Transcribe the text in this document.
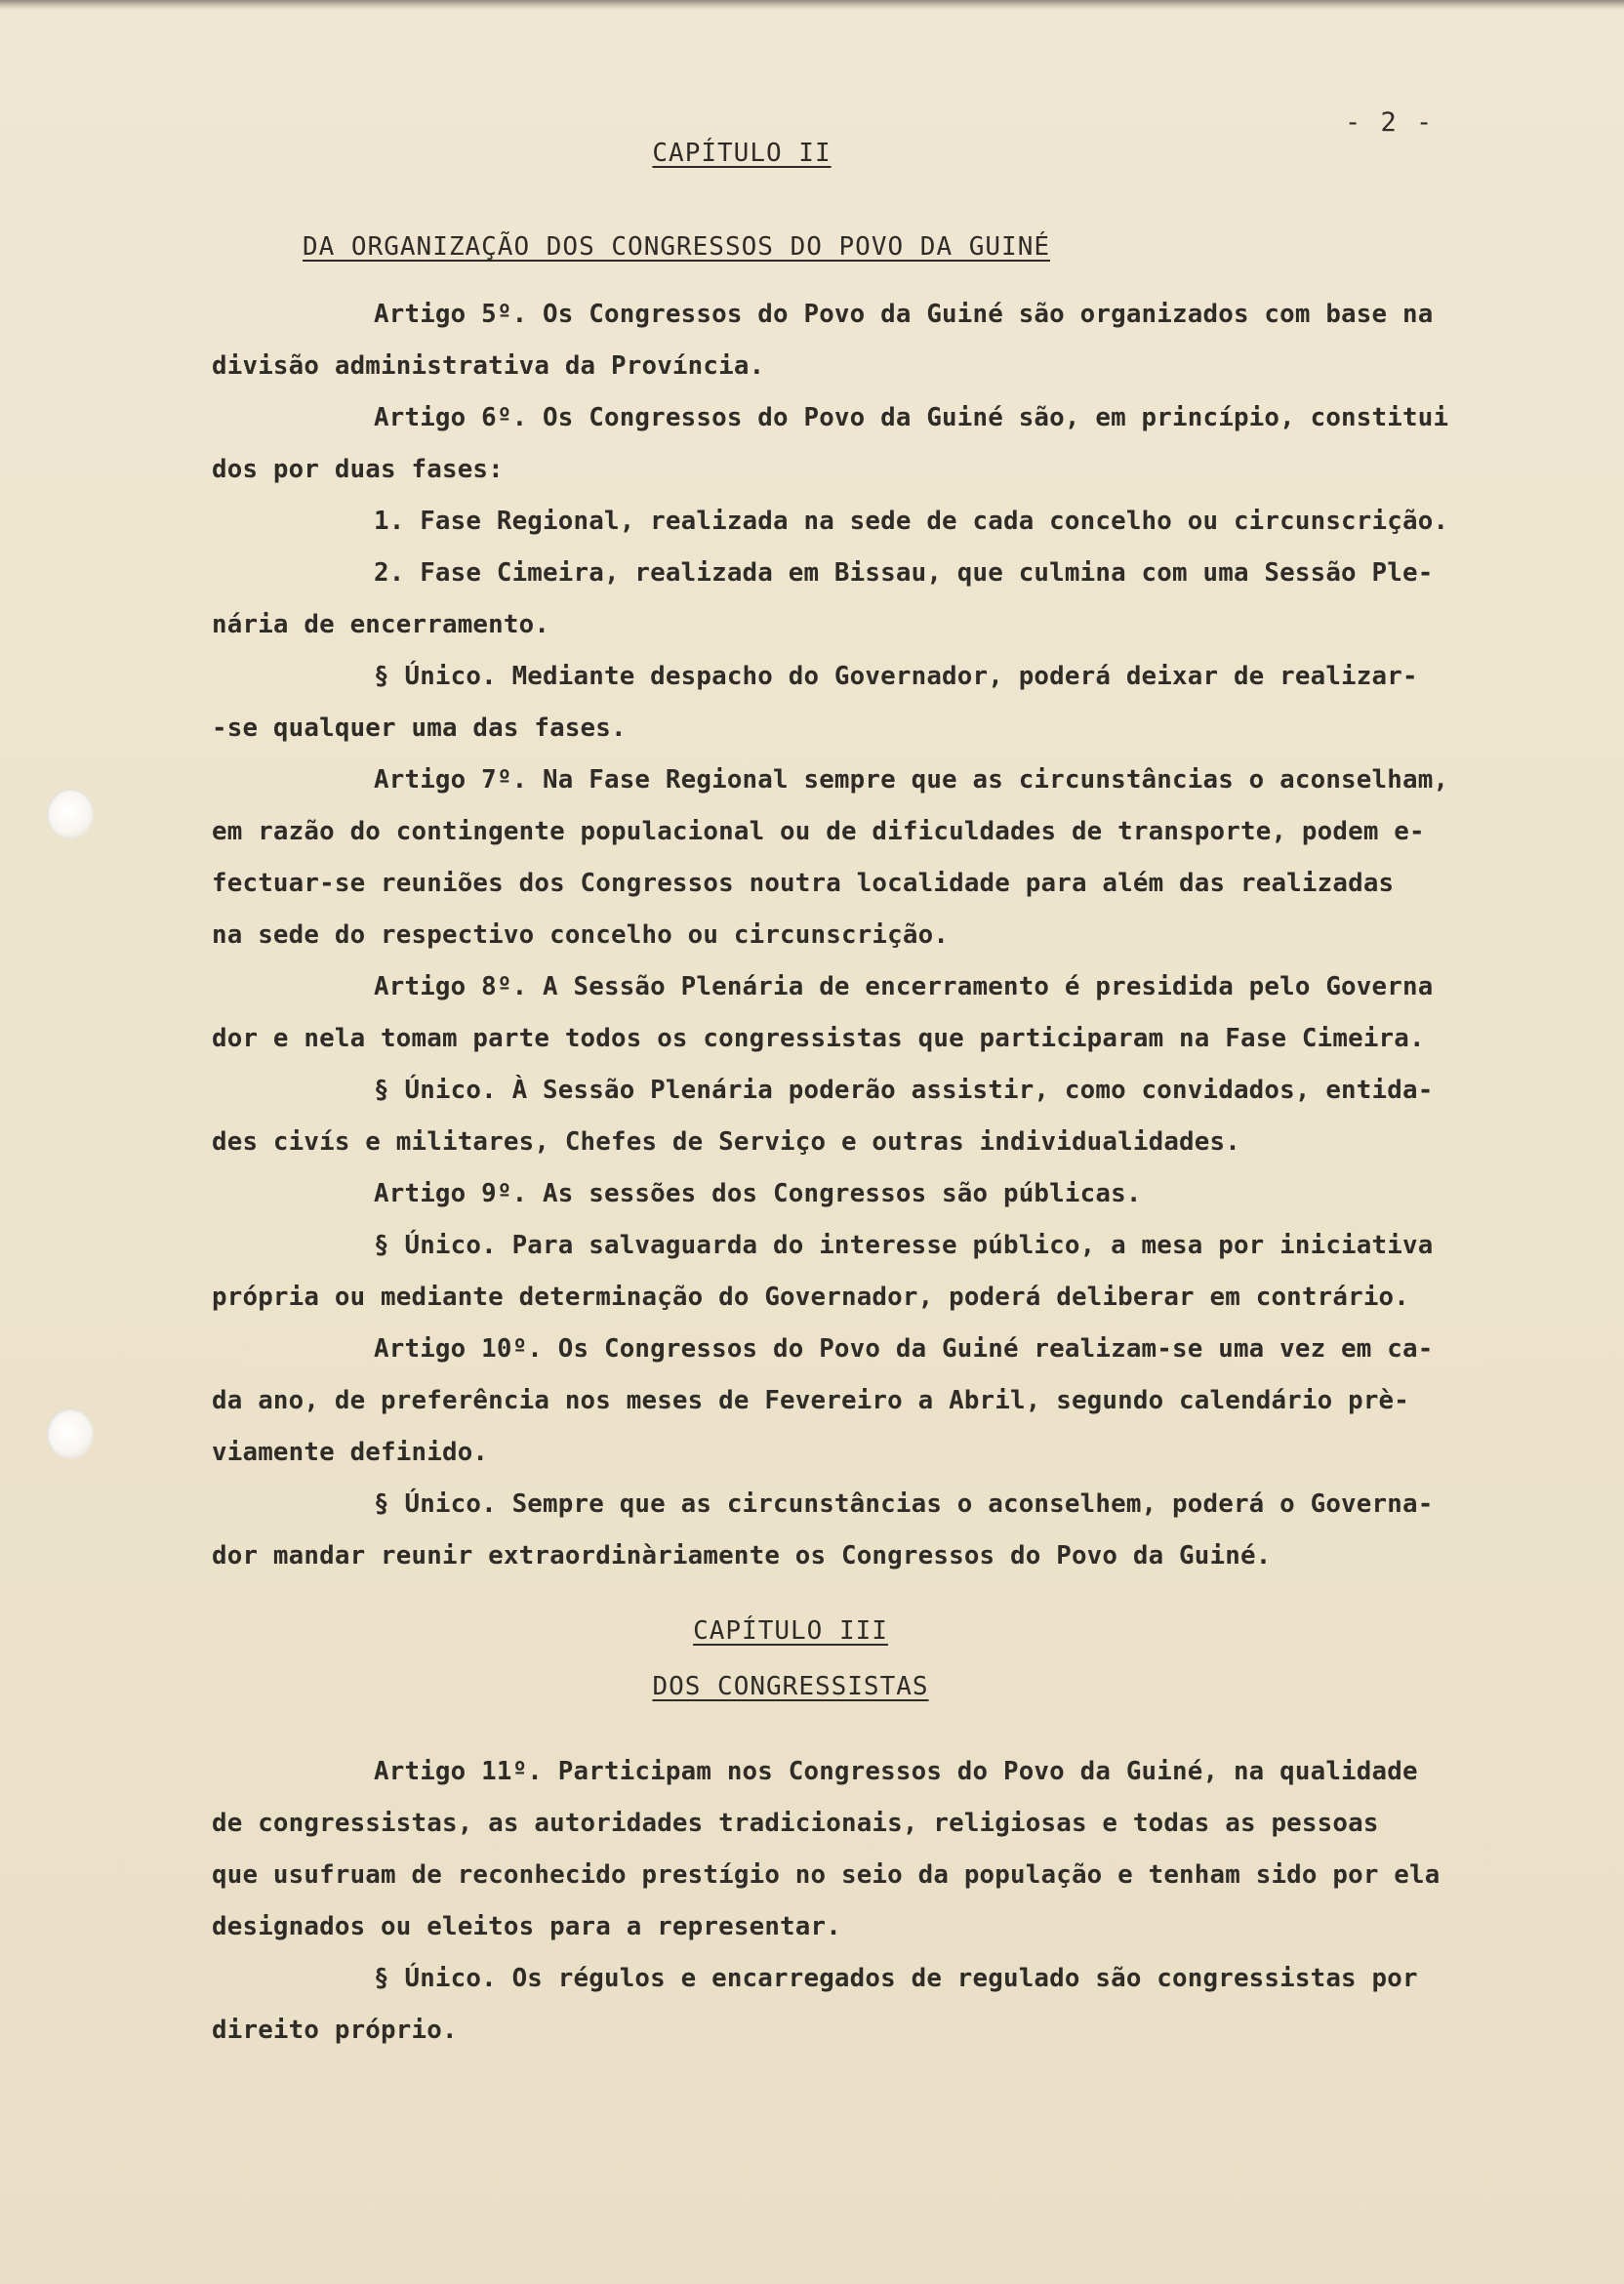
- 2 -

CAPÍTULO II
DA ORGANIZAÇÃO DOS CONGRESSOS DO POVO DA GUINÉ

Artigo 5º. Os Congressos do Povo da Guiné são organizados com base na

divisão administrativa da Província.

Artigo 6º. Os Congressos do Povo da Guiné são, em princípio, constitui

dos por duas fases:

1. Fase Regional, realizada na sede de cada concelho ou circunscrição.

2. Fase Cimeira, realizada em Bissau, que culmina com uma Sessão Ple-

nária de encerramento.

§ Único. Mediante despacho do Governador, poderá deixar de realizar-

-se qualquer uma das fases.

Artigo 7º. Na Fase Regional sempre que as circunstâncias o aconselham,

em razão do contingente populacional ou de dificuldades de transporte, podem e-

fectuar-se reuniões dos Congressos noutra localidade para além das realizadas

na sede do respectivo concelho ou circunscrição.

Artigo 8º. A Sessão Plenária de encerramento é presidida pelo Governa

dor e nela tomam parte todos os congressistas que participaram na Fase Cimeira.

§ Único. À Sessão Plenária poderão assistir, como convidados, entida-

des civís e militares, Chefes de Serviço e outras individualidades.

Artigo 9º. As sessões dos Congressos são públicas.

§ Único. Para salvaguarda do interesse público, a mesa por iniciativa

própria ou mediante determinação do Governador, poderá deliberar em contrário.

Artigo 10º. Os Congressos do Povo da Guiné realizam-se uma vez em ca-

da ano, de preferência nos meses de Fevereiro a Abril, segundo calendário prè-

viamente definido.

§ Único. Sempre que as circunstâncias o aconselhem, poderá o Governa-

dor mandar reunir extraordinàriamente os Congressos do Povo da Guiné.

CAPÍTULO III
DOS CONGRESSISTAS

Artigo 11º. Participam nos Congressos do Povo da Guiné, na qualidade

de congressistas, as autoridades tradicionais, religiosas e todas as pessoas

que usufruam de reconhecido prestígio no seio da população e tenham sido por ela

designados ou eleitos para a representar.

§ Único. Os régulos e encarregados de regulado são congressistas por

direito próprio.
